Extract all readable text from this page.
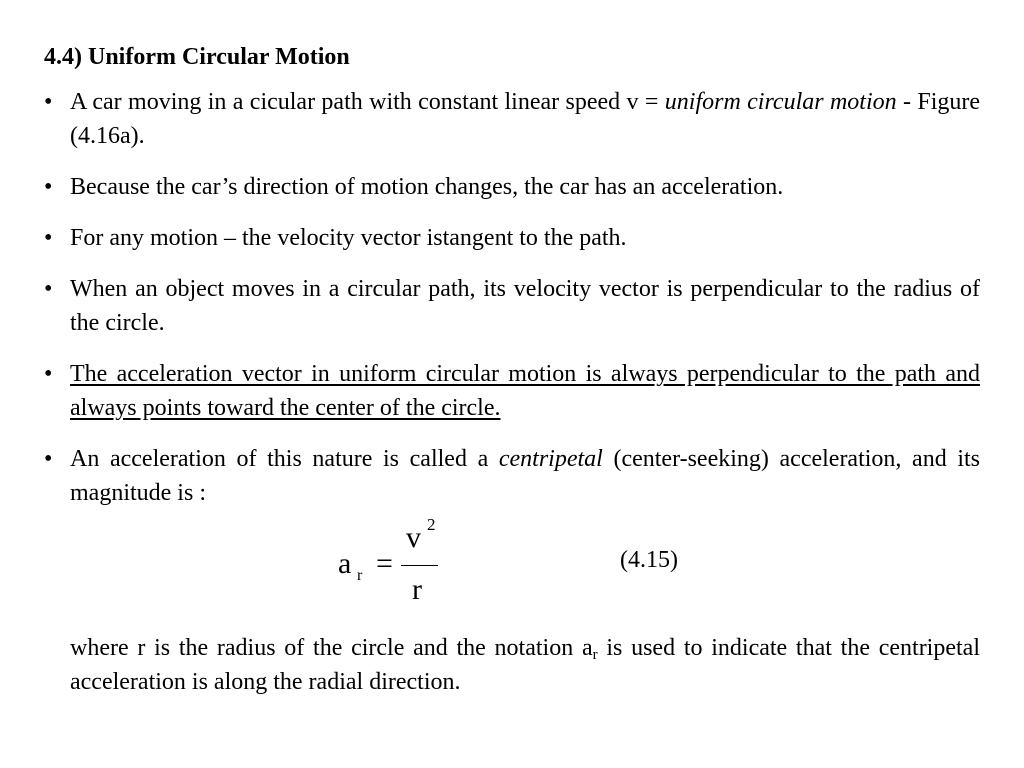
4.4) Uniform Circular Motion
• A car moving in a cicular path with constant linear speed v = uniform circular motion - Figure (4.16a).
• Because the car’s direction of motion changes, the car has an acceleration.
• For any motion – the velocity vector istangent to the path.
• When an object moves in a circular path, its velocity vector is perpendicular to the radius of the circle.
• The acceleration vector in uniform circular motion is always perpendicular to the path and always points toward the center of the circle.
• An acceleration of this nature is called a centripetal (center-seeking) acceleration, and its magnitude is :
a r =
v 2
r
(4.15)
where r is the radius of the circle and the notation $a_r$ is used to indicate that the centripetal acceleration is along the radial direction.
